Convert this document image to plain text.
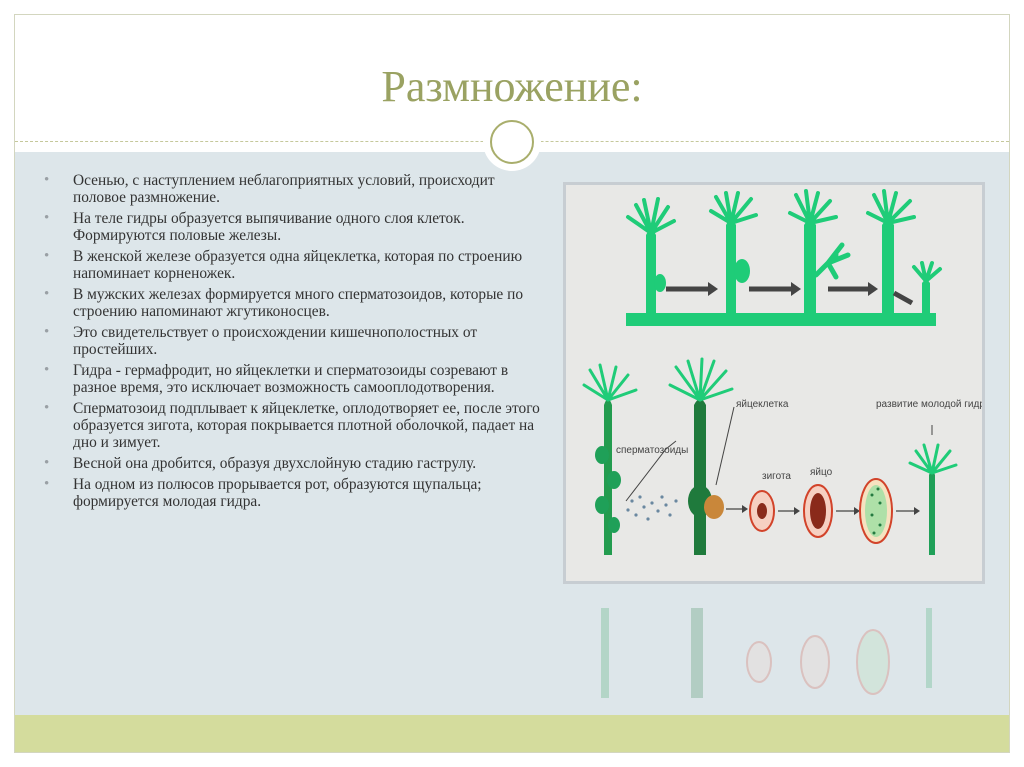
Размножение:
• Осенью, с наступлением неблагоприятных условий, происходит половое размножение.
• На теле гидры образуется выпячивание одного слоя клеток. Формируются половые железы.
• В женской железе образуется одна яйцеклетка, которая по строению напоминает корненожек.
• В мужских железах формируется много сперматозоидов, которые по строению напоминают жгутиконосцев.
• Это свидетельствует о происхождении кишечнополостных от простейших.
• Гидра - гермафродит, но яйцеклетки и сперматозоиды созревают в разное время, это исключает возможность самооплодотворения.
• Сперматозоид подплывает к яйцеклетке, оплодотворяет ее, после этого образуется зигота, которая покрывается плотной оболочкой, падает на дно и зимует.
• Весной она дробится, образуя двухслойную стадию гаструлу.
• На одном из полюсов прорывается рот, образуются щупальца; формируется молодая гидра.
сперматозоиды
яйцеклетка
зигота яйцо
развитие молодой гидры
